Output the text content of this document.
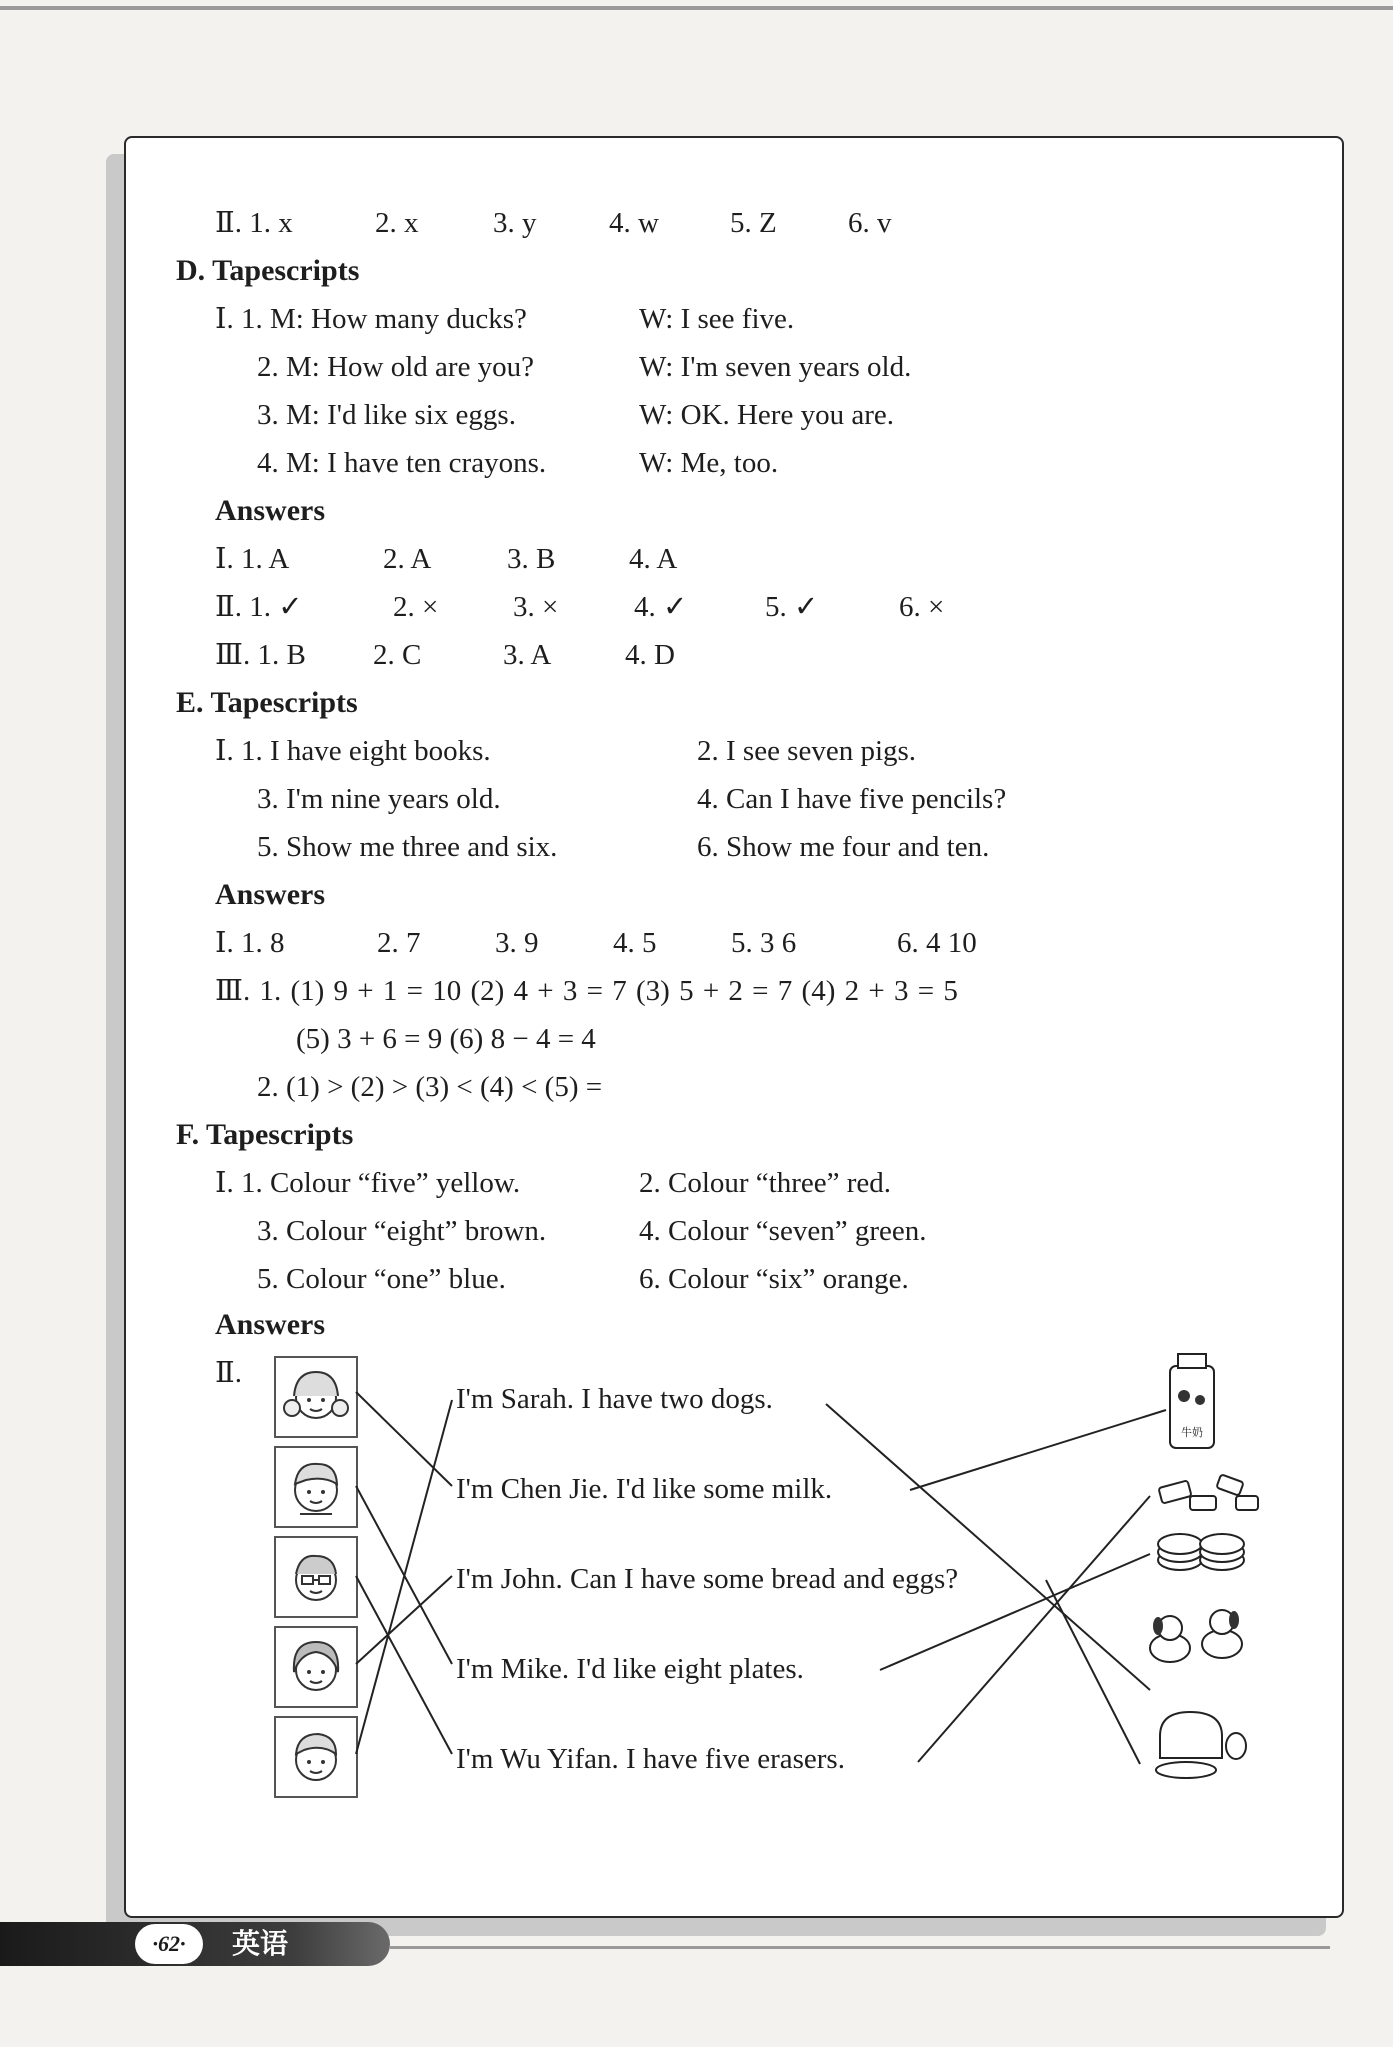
Ⅱ. 1. x	2. x	3. y	4. w 5. Z 6. v
D. Tapescripts
Ⅰ. 1. M: How many ducks?	W: I see five.
2. M: How old are you?	W: I'm seven years old.
3. M: I'd like six eggs.	W: OK. Here you are.
4. M: I have ten crayons.	W: Me, too.
Answers
Ⅰ. 1. A	2. A	3. B	4. A
Ⅱ. 1. ✓	2. ×	3. ×	4. ✓	5. ✓	6. ×
Ⅲ. 1. B 2. C	3. A	4. D
E. Tapescripts
Ⅰ. 1. I have eight books.	2. I see seven pigs.
3. I'm nine years old.	4. Can I have five pencils?
5. Show me three and six.	6. Show me four and ten.
Answers
Ⅰ. 1. 8	2. 7	3. 9	4. 5	5. 3 6	6. 4 10
Ⅲ. 1. (1) 9 + 1 = 10 (2) 4 + 3 = 7 (3) 5 + 2 = 7 (4) 2 + 3 = 5
(5) 3 + 6 = 9 (6) 8 − 4 = 4
2. (1) > (2) > (3) < (4) < (5) =
F. Tapescripts
Ⅰ. 1. Colour “five” yellow.	2. Colour “three” red.
3. Colour “eight” brown.	4. Colour “seven” green.
5. Colour “one” blue.	6. Colour “six” orange.
Answers
Ⅱ.
I'm Sarah. I have two dogs.
I'm Chen Jie. I'd like some milk.
I'm John. Can I have some bread and eggs?
I'm Mike. I'd like eight plates.
I'm Wu Yifan. I have five erasers.
牛奶
·62·	英语
